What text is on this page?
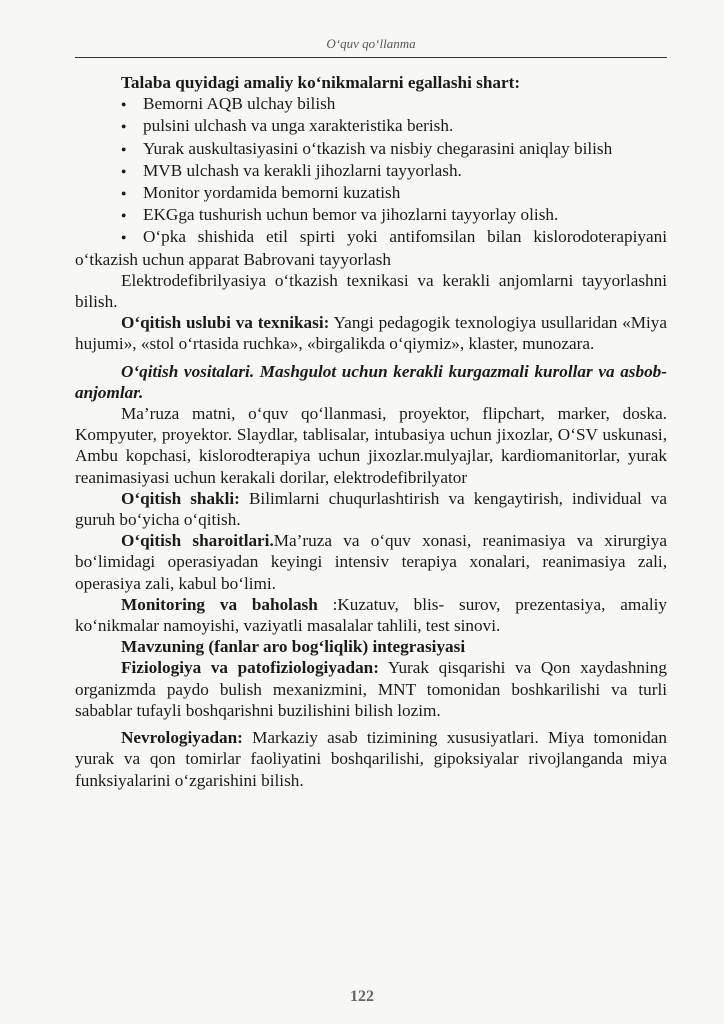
O‘quv qo‘llanma

Talaba quyidagi amaliy ko‘nikmalarni egallashi shart:

● Bemorni AQB ulchay bilish

● pulsini ulchash va unga xarakteristika berish.

● Yurak auskultasiyasini o‘tkazish va nisbiy chegarasini aniqlay bilish

● MVB ulchash va kerakli jihozlarni tayyorlash.

● Monitor yordamida bemorni kuzatish

● EKGga tushurish uchun bemor va jihozlarni tayyorlay olish.

● O‘pka shishida etil spirti yoki antifomsilan bilan kislorodoterapiyani o‘tkazish uchun apparat Babrovani tayyorlash

Elektrodefibrilyasiya o‘tkazish texnikasi va kerakli anjomlarni tayyorlashni bilish.

O‘qitish uslubi va texnikasi: Yangi pedagogik texnologiya usullaridan «Miya hujumi», «stol o‘rtasida ruchka», «birgalikda o‘qiymiz», klaster, munozara.

O‘qitish vositalari. Mashgulot uchun kerakli kurgazmali kurollar va asbob-anjomlar.

Ma’ruza matni, o‘quv qo‘llanmasi, proyektor, flipchart, marker, doska. Kompyuter, proyektor. Slaydlar, tablisalar, intubasiya uchun jixozlar, O‘SV uskunasi, Ambu kopchasi, kislorodterapiya uchun jixozlar.mulyajlar, kardiomanitorlar, yurak reanimasiyasi uchun kerakali dorilar, elektrodefibrilyator

O‘qitish shakli: Bilimlarni chuqurlashtirish va kengaytirish, individual va guruh bo‘yicha o‘qitish.

O‘qitish sharoitlari.Ma’ruza va o‘quv xonasi, reanimasiya va xirurgiya bo‘limidagi operasiyadan keyingi intensiv terapiya xonalari, reanimasiya zali, operasiya zali, kabul bo‘limi.

Monitoring va baholash :Kuzatuv, blis- surov, prezentasiya, amaliy ko‘nikmalar namoyishi, vaziyatli masalalar tahlili, test sinovi.

Mavzuning (fanlar aro bog‘liqlik) integrasiyasi

Fiziologiya va patofiziologiyadan: Yurak qisqarishi va Qon xaydashning organizmda paydo bulish mexanizmini, MNT tomonidan boshkarilishi va turli sabablar tufayli boshqarishni buzilishini bilish lozim.

Nevrologiyadan: Markaziy asab tizimining xususiyatlari. Miya tomonidan yurak va qon tomirlar faoliyatini boshqarilishi, gipoksiyalar rivojlanganda miya funksiyalarini o‘zgarishini bilish.

122
